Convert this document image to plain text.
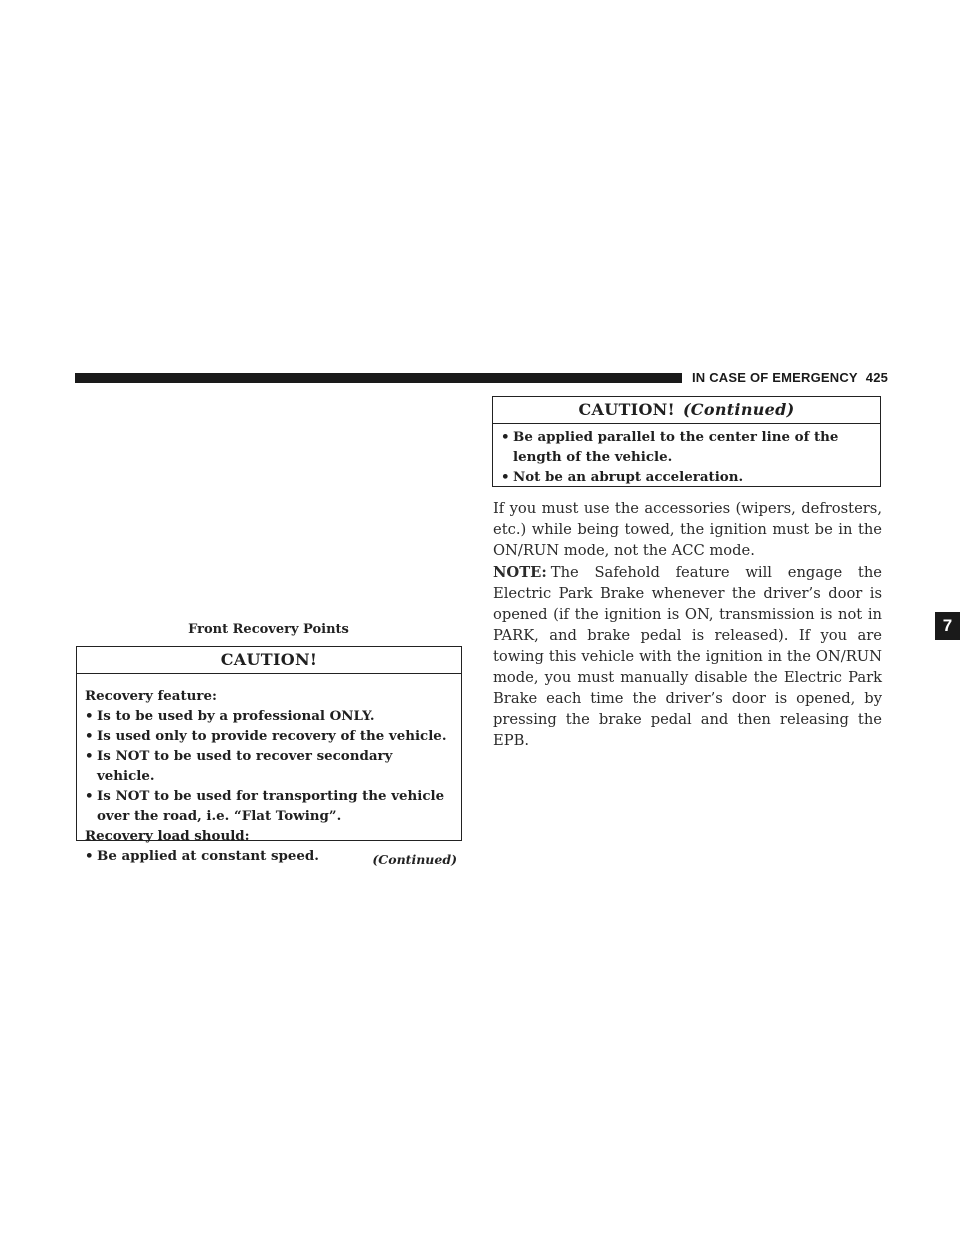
IN CASE OF EMERGENCY 425
Front Recovery Points
CAUTION!
Recovery feature:
• Is to be used by a professional ONLY.
• Is used only to provide recovery of the vehicle.
• Is NOT to be used to recover secondary vehicle.
• Is NOT to be used for transporting the vehicle over the road, i.e. “Flat Towing”.
Recovery load should:
• Be applied at constant speed.	(Continued)
CAUTION! (Continued)
• Be applied parallel to the center line of the length of the vehicle.
• Not be an abrupt acceleration.
If you must use the accessories (wipers, defrosters, etc.) while being towed, the ignition must be in the ON/RUN mode, not the ACC mode.
NOTE: The Safehold feature will engage the Electric Park Brake whenever the driver’s door is opened (if the ignition is ON, transmission is not in PARK, and brake pedal is released). If you are towing this vehicle with the ignition in the ON/RUN mode, you must manually disable the Electric Park Brake each time the driver’s door is opened, by pressing the brake pedal and then releasing the EPB.
7
